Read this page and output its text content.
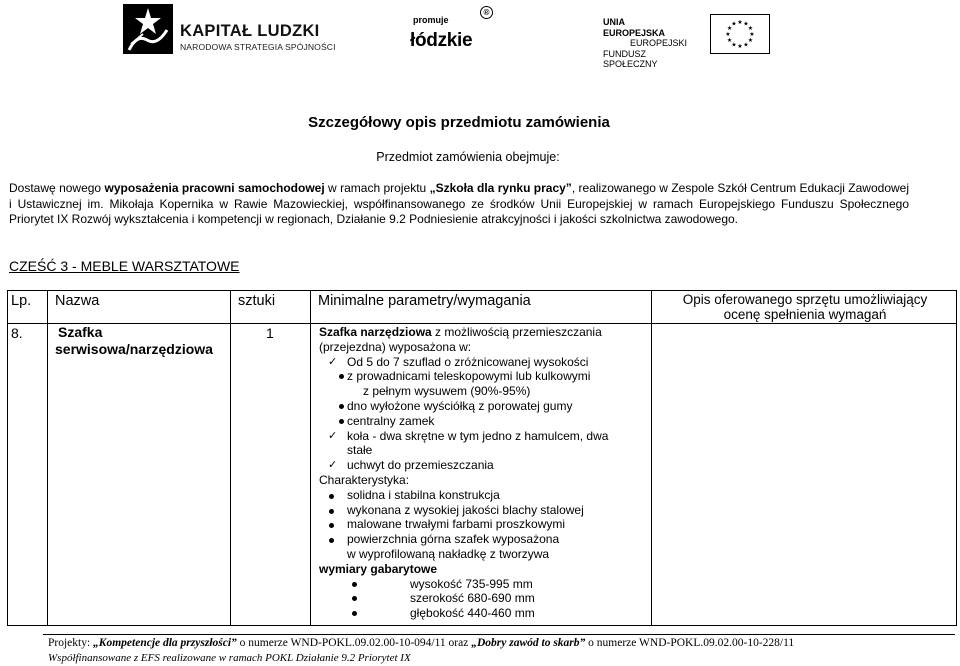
KAPITAŁ LUDZKI
NARODOWA STRATEGIA SPÓJNOŚCI
promuje
łódzkie
®
UNIA EUROPEJSKA
EUROPEJSKI
FUNDUSZ SPOŁECZNY
★ ★
★
★
★
★
★
★
★
★
★
★
Szczegółowy opis przedmiotu zamówienia
Przedmiot zamówienia obejmuje:
Dostawę nowego wyposażenia pracowni samochodowej w ramach projektu „Szkoła dla rynku pracy”, realizowanego w Zespole Szkół Centrum Edukacji Zawodowej i Ustawicznej im. Mikołaja Kopernika w Rawie Mazowieckiej, współfinansowanego ze środków Unii Europejskiej w ramach Europejskiego Funduszu Społecznego Priorytet IX Rozwój wykształcenia i kompetencji w regionach, Działanie 9.2 Podniesienie atrakcyjności i jakości szkolnictwa zawodowego.
CZEŚĆ 3 - MEBLE WARSZTATOWE
Lp. Nazwa	sztuki	Minimalne parametry/wymagania	Opis oferowanego sprzętu umożliwiający
ocenę spełnienia wymagań
8.	Szafka
serwisowa/narzędziowa
1	Szafka narzędziowa z możliwością przemieszczania
(przejezdna) wyposażona w:
✓ Od 5 do 7 szuflad o zróżnicowanej wysokości
z prowadnicami teleskopowymi lub kulkowymi
z pełnym wysuwem (90%-95%)
dno wyłożone wyściółką z porowatej gumy
centralny zamek
✓ koła - dwa skrętne w tym jedno z hamulcem, dwa
stałe
✓ uchwyt do przemieszczania
Charakterystyka:
solidna i stabilna konstrukcja
wykonana z wysokiej jakości blachy stalowej
malowane trwałymi farbami proszkowymi
powierzchnia górna szafek wyposażona
w wyprofilowaną nakładkę z tworzywa
wymiary gabarytowe
wysokość 735-995 mm
szerokość 680-690 mm
głębokość 440-460 mm
Projekty: „Kompetencje dla przyszłości” o numerze WND-POKL.09.02.00-10-094/11 oraz „Dobry zawód to skarb” o numerze WND-POKL.09.02.00-10-228/11
Współfinansowane z EFS realizowane w ramach POKL Działanie 9.2 Priorytet IX
